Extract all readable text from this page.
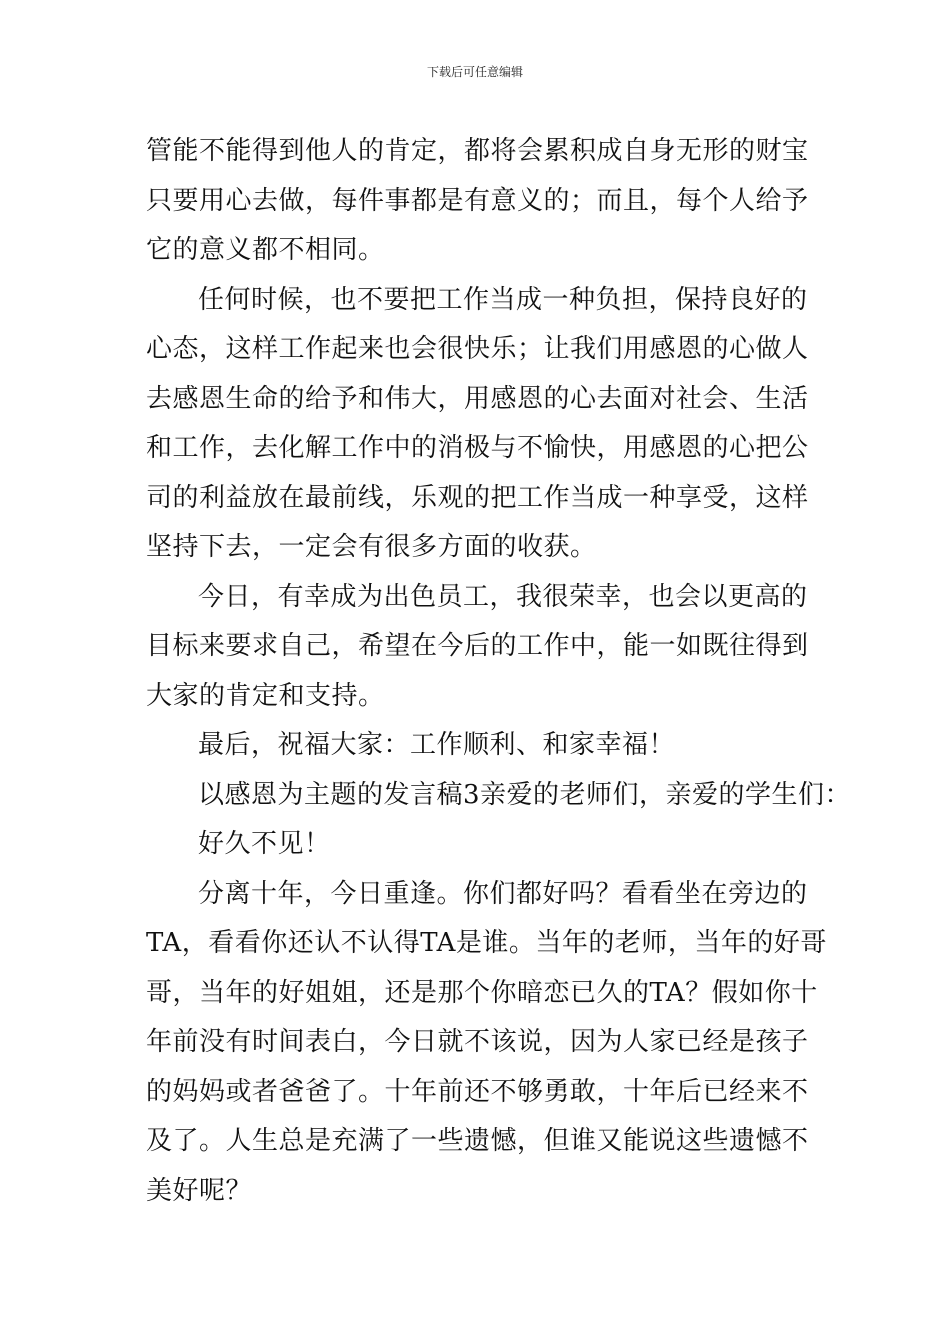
下载后可任意编辑

管能不能得到他人的肯定，都将会累积成自身无形的财宝
只要用心去做，每件事都是有意义的；而且，每个人给予
它的意义都不相同。

任何时候，也不要把工作当成一种负担，保持良好的
心态，这样工作起来也会很快乐；让我们用感恩的心做人
去感恩生命的给予和伟大，用感恩的心去面对社会、生活
和工作，去化解工作中的消极与不愉快，用感恩的心把公
司的利益放在最前线，乐观的把工作当成一种享受，这样
坚持下去，一定会有很多方面的收获。

今日，有幸成为出色员工，我很荣幸，也会以更高的
目标来要求自己，希望在今后的工作中，能一如既往得到
大家的肯定和支持。

最后，祝福大家：工作顺利、和家幸福！

以感恩为主题的发言稿3亲爱的老师们，亲爱的学生们：

好久不见！

分离十年，今日重逢。你们都好吗？看看坐在旁边的
TA，看看你还认不认得TA是谁。当年的老师，当年的好哥
哥，当年的好姐姐，还是那个你暗恋已久的TA？假如你十
年前没有时间表白，今日就不该说，因为人家已经是孩子
的妈妈或者爸爸了。十年前还不够勇敢，十年后已经来不
及了。人生总是充满了一些遗憾，但谁又能说这些遗憾不
美好呢？
